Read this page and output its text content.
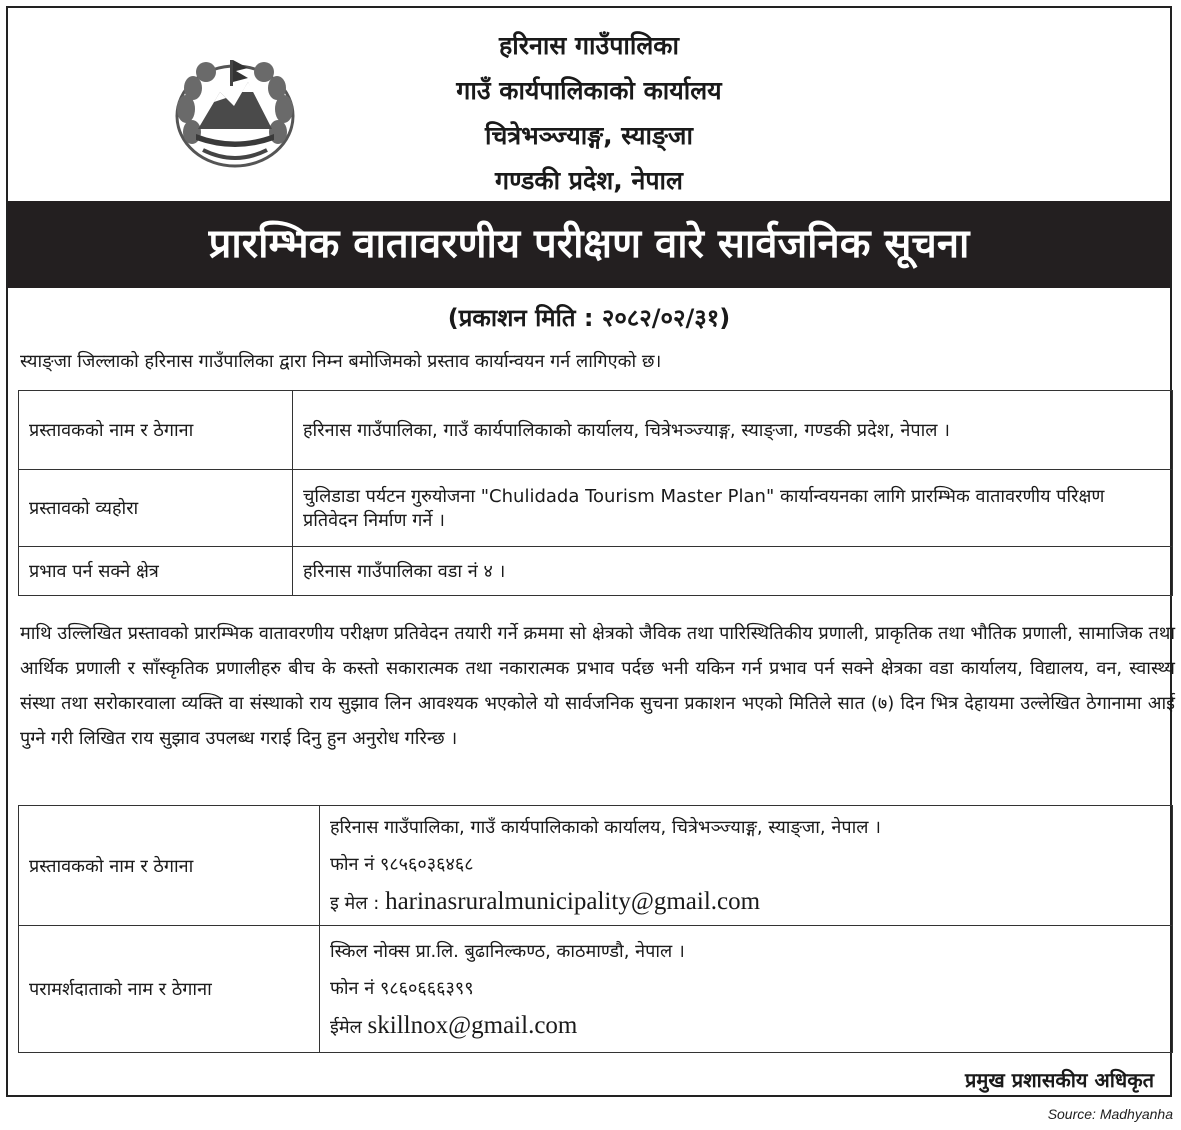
हरिनास गाउँपालिका
गाउँ कार्यपालिकाको कार्यालय
चित्रेभञ्ज्याङ्ग, स्याङ्जा
गण्डकी प्रदेश, नेपाल
प्रारम्भिक वातावरणीय परीक्षण वारे सार्वजनिक सूचना
(प्रकाशन मिति : २०८२/०२/३१)
स्याङ्जा जिल्लाको हरिनास गाउँपालिका द्वारा निम्न बमोजिमको प्रस्ताव कार्यान्वयन गर्न लागिएको छ।
प्रस्तावकको नाम र ठेगाना	हरिनास गाउँपालिका, गाउँ कार्यपालिकाको कार्यालय, चित्रेभञ्ज्याङ्ग, स्याङ्जा, गण्डकी प्रदेश, नेपाल ।
प्रस्तावको व्यहोरा	चुलिडाडा पर्यटन गुरुयोजना "Chulidada Tourism Master Plan" कार्यान्वयनका लागि प्रारम्भिक वातावरणीय परिक्षण प्रतिवेदन निर्माण गर्ने ।
प्रभाव पर्न सक्ने क्षेत्र	हरिनास गाउँपालिका वडा नं ४ ।
माथि उल्लिखित प्रस्तावको प्रारम्भिक वातावरणीय परीक्षण प्रतिवेदन तयारी गर्ने क्रममा सो क्षेत्रको जैविक तथा पारिस्थितिकीय प्रणाली, प्राकृतिक तथा भौतिक प्रणाली, सामाजिक तथा आर्थिक प्रणाली र साँस्कृतिक प्रणालीहरु बीच के कस्तो सकारात्मक तथा नकारात्मक प्रभाव पर्दछ भनी यकिन गर्न प्रभाव पर्न सक्ने क्षेत्रका वडा कार्यालय, विद्यालय, वन, स्वास्थ्य संस्था तथा सरोकारवाला व्यक्ति वा संस्थाको राय सुझाव लिन आवश्यक भएकोले यो सार्वजनिक सुचना प्रकाशन भएको मितिले सात (७) दिन भित्र देहायमा उल्लेखित ठेगानामा आई पुग्ने गरी लिखित राय सुझाव उपलब्ध गराई दिनु हुन अनुरोध गरिन्छ ।
प्रस्तावकको नाम र ठेगाना	हरिनास गाउँपालिका, गाउँ कार्यपालिकाको कार्यालय, चित्रेभञ्ज्याङ्ग, स्याङ्जा, नेपाल ।
फोन नं ९८५६०३६४६८
इ मेल : harinasruralmunicipality@gmail.com

परामर्शदाताको नाम र ठेगाना	स्किल नोक्स प्रा.लि. बुढानिल्कण्ठ, काठमाण्डौ, नेपाल ।
फोन नं ९८६०६६६३९९
ईमेल skillnox@gmail.com
प्रमुख प्रशासकीय अधिकृत
Source: Madhyanha
